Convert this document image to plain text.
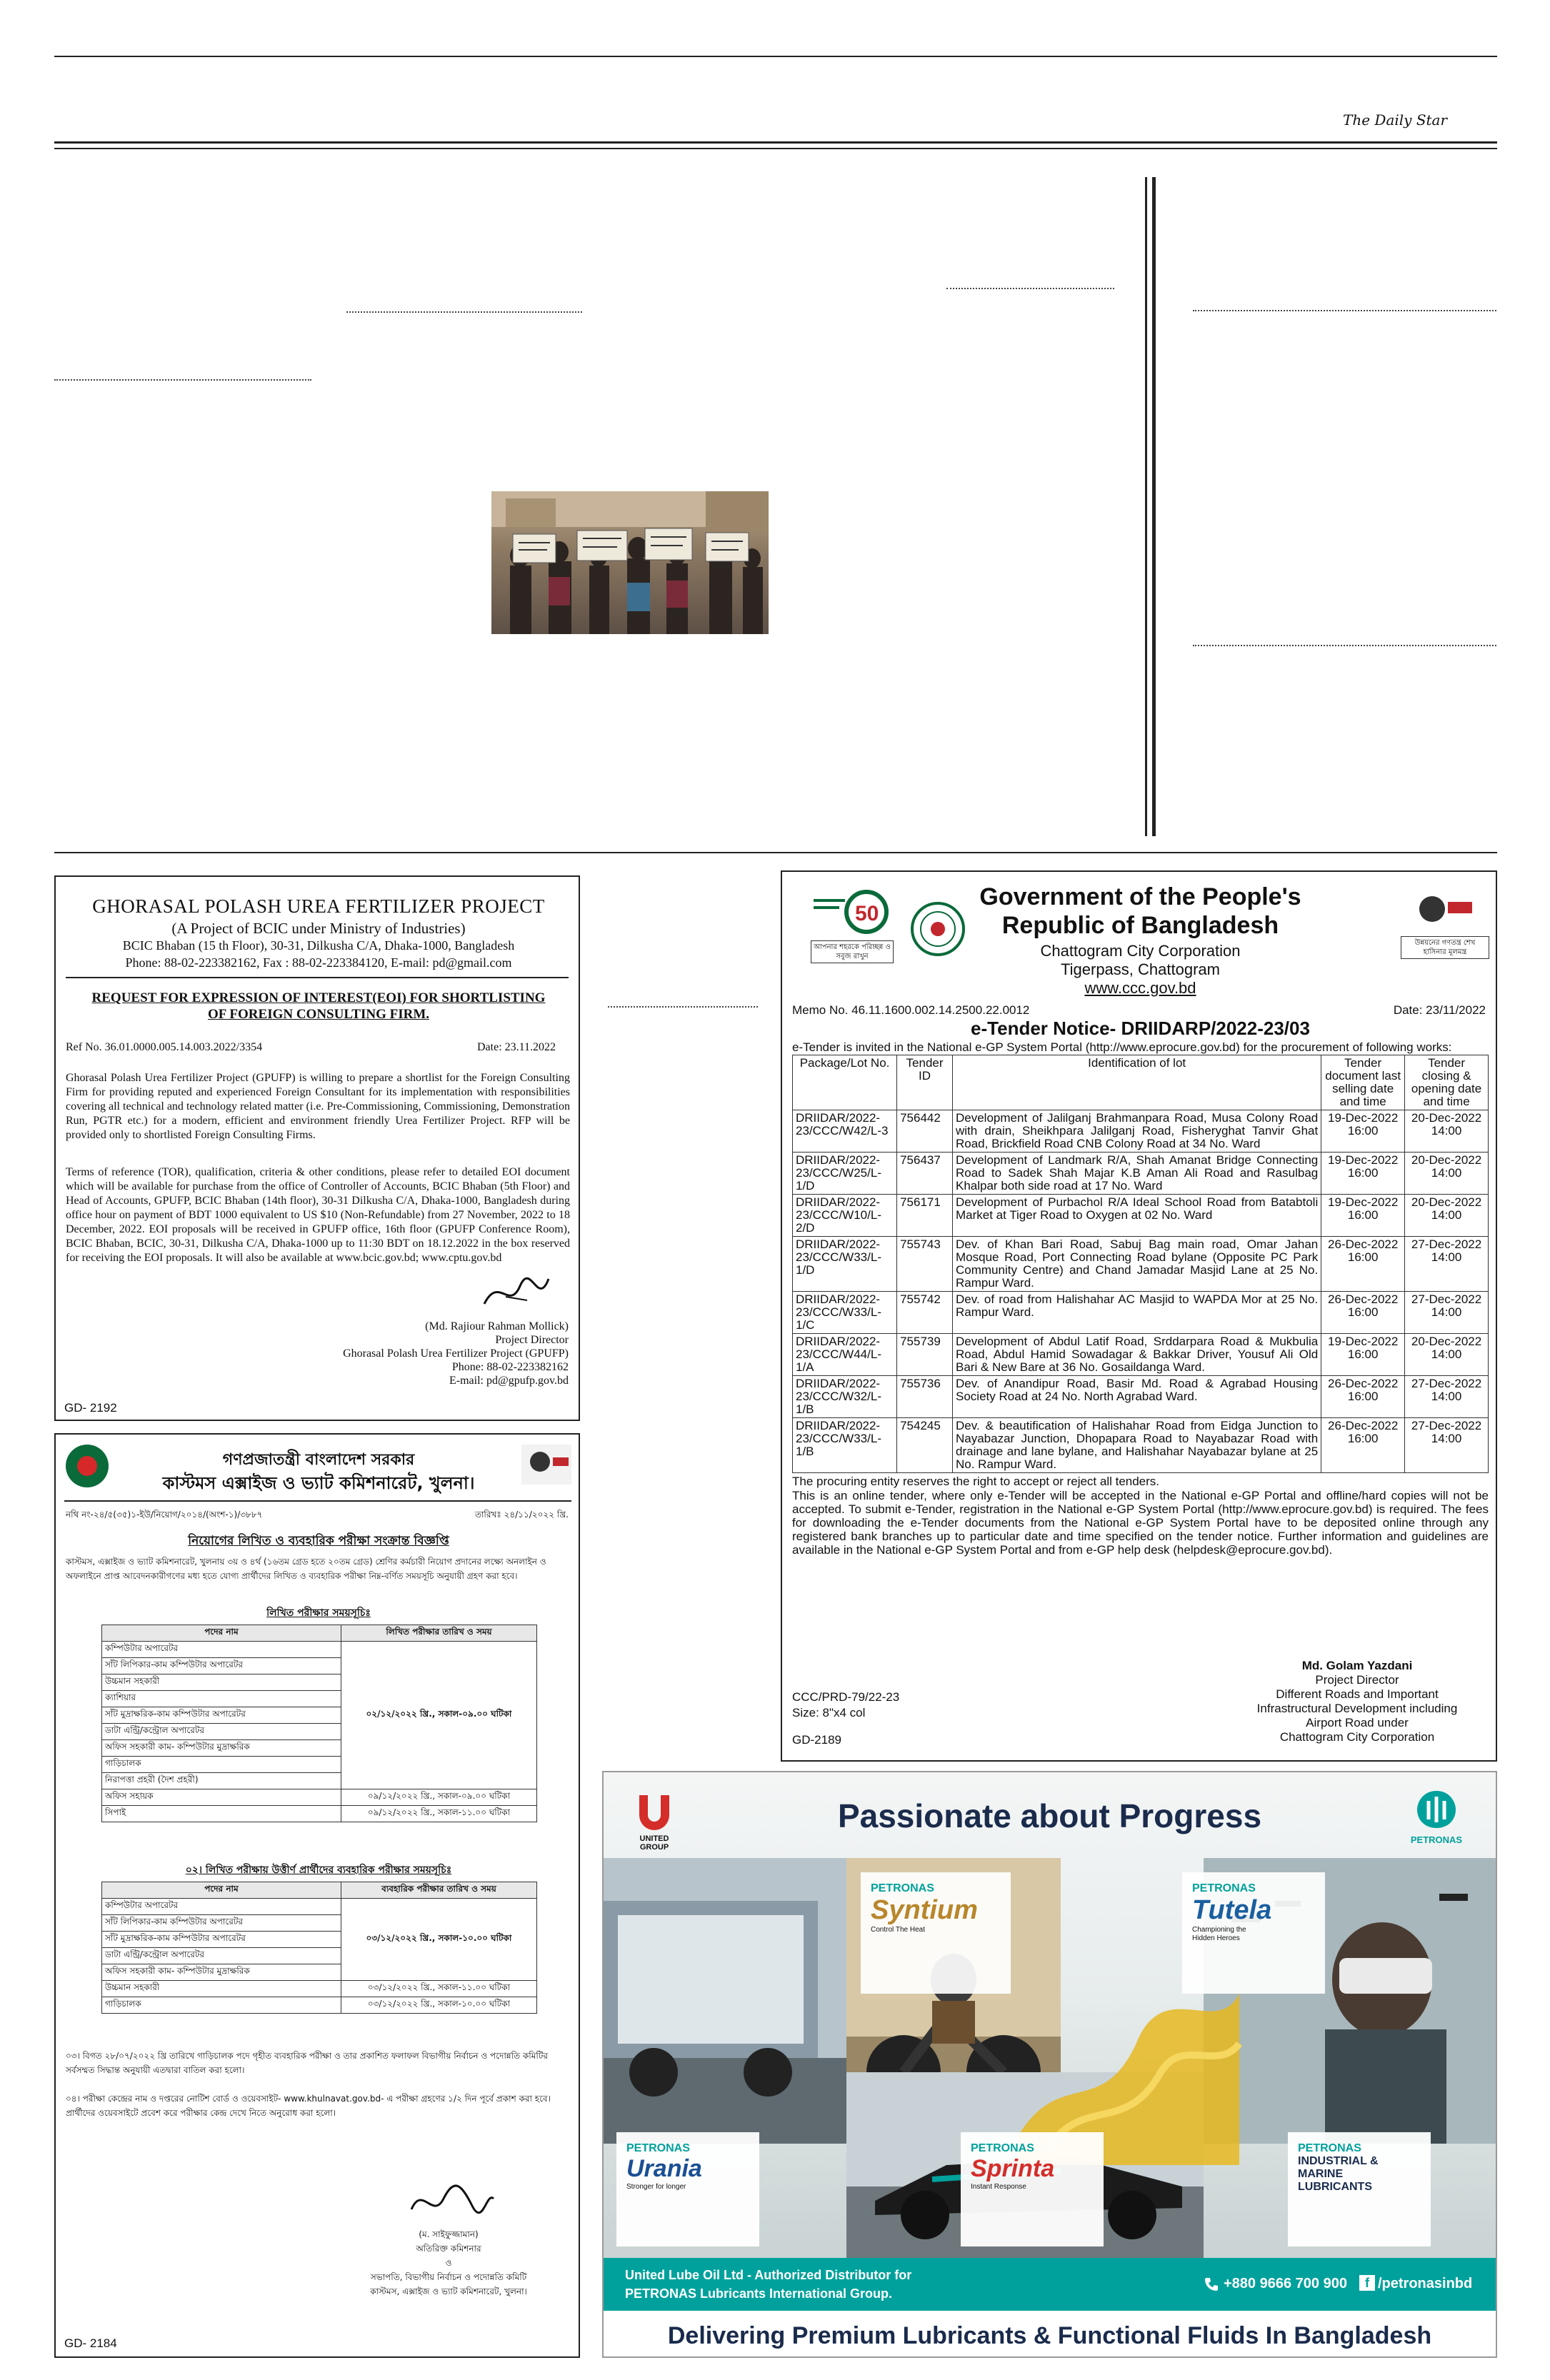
The Daily Star
GHORASAL POLASH UREA FERTILIZER PROJECT
(A Project of BCIC under Ministry of Industries)
BCIC Bhaban (15 th Floor), 30-31, Dilkusha C/A, Dhaka-1000, Bangladesh
Phone: 88-02-223382162, Fax : 88-02-223384120, E-mail: pd@gmail.com
REQUEST FOR EXPRESSION OF INTEREST(EOI) FOR SHORTLISTING OF FOREIGN CONSULTING FIRM.
Ref No. 36.01.0000.005.14.003.2022/3354	Date: 23.11.2022
Ghorasal Polash Urea Fertilizer Project (GPUFP) is willing to prepare a shortlist for the Foreign Consulting Firm for providing reputed and experienced Foreign Consultant for its implementation with responsibilities covering all technical and technology related matter (i.e. Pre-Commissioning, Commissioning, Demonstration Run, PGTR etc.) for a modern, efficient and environment friendly Urea Fertilizer Project. RFP will be provided only to shortlisted Foreign Consulting Firms.
Terms of reference (TOR), qualification, criteria & other conditions, please refer to detailed EOI document which will be available for purchase from the office of Controller of Accounts, BCIC Bhaban (5th Floor) and Head of Accounts, GPUFP, BCIC Bhaban (14th floor), 30-31 Dilkusha C/A, Dhaka-1000, Bangladesh during office hour on payment of BDT 1000 equivalent to US $10 (Non-Refundable) from 27 November, 2022 to 18 December, 2022. EOI proposals will be received in GPUFP office, 16th floor (GPUFP Conference Room), BCIC Bhaban, BCIC, 30-31, Dilkusha C/A, Dhaka-1000 up to 11:30 BDT on 18.12.2022 in the box reserved for receiving the EOI proposals. It will also be available at www.bcic.gov.bd; www.cptu.gov.bd
(Md. Rajiour Rahman Mollick)
Project Director
Ghorasal Polash Urea Fertilizer Project (GPUFP)
Phone: 88-02-223382162
E-mail: pd@gpufp.gov.bd
GD- 2192
গণপ্রজাতন্ত্রী বাংলাদেশ সরকার
কাস্টমস এক্সাইজ ও ভ্যাট কমিশনারেট, খুলনা।
নথি নং-২৪/৫(৩৫)১-ইউ/নিয়োগ/২০১৪/(অংশ-১)/৩৮৮৭	তারিখঃ ২৪/১১/২০২২ খ্রি.
নিয়োগের লিখিত ও ব্যবহারিক পরীক্ষা সংক্রান্ত বিজ্ঞপ্তি
কাস্টমস, এক্সাইজ ও ভ্যাট কমিশনারেট, খুলনায় ৩য় ও ৪র্থ (১৬তম গ্রেড হতে ২০তম গ্রেড) শ্রেণির কর্মচারী নিয়োগ প্রদানের লক্ষ্যে অনলাইন ও অফলাইনে প্রাপ্ত আবেদনকারীগণের মধ্য হতে যোগ্য প্রার্থীদের লিখিত ও ব্যবহারিক পরীক্ষা নিম্ন-বর্ণিত সময়সূচি অনুযায়ী গ্রহণ করা হবে।
লিখিত পরীক্ষার সময়সূচিঃ
পদের নাম	লিখিত পরীক্ষার তারিখ ও সময়
কম্পিউটার অপারেটর	০২/১২/২০২২ খ্রি., সকাল-০৯.০০ ঘটিকা
সাঁট লিপিকার-কাম কম্পিউটার অপারেটর	
উচ্চমান সহকারী	
ক্যাশিয়ার	
সাঁট মুদ্রাক্ষরিক-কাম কম্পিউটার অপারেটর	
ডাটা এন্ট্রি/কন্ট্রোল অপারেটর	
অফিস সহকারী কাম- কম্পিউটার মুদ্রাক্ষরিক	
গাড়িচালক	
নিরাপত্তা প্রহরী (দৈশ প্রহরী)	
অফিস সহায়ক	০৯/১২/২০২২ খ্রি., সকাল-০৯.০০ ঘটিকা
সিপাই	০৯/১২/২০২২ খ্রি., সকাল-১১.০০ ঘটিকা
০২। লিখিত পরীক্ষায় উত্তীর্ণ প্রার্থীদের ব্যবহারিক পরীক্ষার সময়সূচিঃ
পদের নাম	ব্যবহারিক পরীক্ষার তারিখ ও সময়
কম্পিউটার অপারেটর	০৩/১২/২০২২ খ্রি., সকাল-১০.০০ ঘটিকা
সাঁট লিপিকার-কাম কম্পিউটার অপারেটর	
সাঁট মুদ্রাক্ষরিক-কাম কম্পিউটার অপারেটর	
ডাটা এন্ট্রি/কন্ট্রোল অপারেটর	
অফিস সহকারী কাম- কম্পিউটার মুদ্রাক্ষরিক	
উচ্চমান সহকারী	০৩/১২/২০২২ খ্রি., সকাল-১১.০০ ঘটিকা
গাড়িচালক	০৩/১২/২০২২ খ্রি., সকাল-১০.০০ ঘটিকা
০৩। বিগত ২৮/০৭/২০২২ খ্রি তারিখে গাড়িচালক পদে গৃহীত ব্যবহারিক পরীক্ষা ও তার প্রকাশিত ফলাফল বিভাগীয় নির্বাচন ও পদোন্নতি কমিটির সর্বসম্মত সিদ্ধান্ত অনুযায়ী এতদ্বারা বাতিল করা হলো।
০৪। পরীক্ষা কেন্দ্রের নাম ও দপ্তরের নোটিশ বোর্ড ও ওয়েবসাইট- www.khulnavat.gov.bd- এ পরীক্ষা গ্রহণের ১/২ দিন পূর্বে প্রকাশ করা হবে। প্রার্থীদের ওয়েবসাইটে প্রবেশ করে পরীক্ষার কেন্দ্র দেখে নিতে অনুরোধ করা হলো।
(ম. সাইফুজ্জামান)
অতিরিক্ত কমিশনার
ও
সভাপতি, বিভাগীয় নির্বাচন ও পদোন্নতি কমিটি
কাস্টমস, এক্সাইজ ও ভ্যাট কমিশনারেট, খুলনা।
GD- 2184
50
আপনার শহরকে পরিচ্ছন্ন ও সবুজ রাখুন
Government of the People's
Republic of Bangladesh
Chattogram City Corporation
Tigerpass, Chattogram
www.ccc.gov.bd
উন্নয়নের গণতন্ত্র শেখ হাসিনার মূলমন্ত্র
Memo No. 46.11.1600.002.14.2500.22.0012	Date: 23/11/2022
e-Tender Notice- DRIIDARP/2022-23/03
e-Tender is invited in the National e-GP System Portal (http://www.eprocure.gov.bd) for the procurement of following works:
Package/Lot No.	Tender ID	Identification of lot	Tender document last selling date and time	Tender closing & opening date and time
DRIIDAR/2022-23/CCC/W42/L-3	756442	Development of Jalilganj Brahmanpara Road, Musa Colony Road with drain, Sheikhpara Jalilganj Road, Fisheryghat Tanvir Ghat Road, Brickfield Road CNB Colony Road at 34 No. Ward	19-Dec-2022 16:00	20-Dec-2022 14:00
DRIIDAR/2022-23/CCC/W25/L-1/D	756437	Development of Landmark R/A, Shah Amanat Bridge Connecting Road to Sadek Shah Majar K.B Aman Ali Road and Rasulbag Khalpar both side road at 17 No. Ward	19-Dec-2022 16:00	20-Dec-2022 14:00
DRIIDAR/2022-23/CCC/W10/L-2/D	756171	Development of Purbachol R/A Ideal School Road from Batabtoli Market at Tiger Road to Oxygen at 02 No. Ward	19-Dec-2022 16:00	20-Dec-2022 14:00
DRIIDAR/2022-23/CCC/W33/L-1/D	755743	Dev. of Khan Bari Road, Sabuj Bag main road, Omar Jahan Mosque Road, Port Connecting Road bylane (Opposite PC Park Community Centre) and Chand Jamadar Masjid Lane at 25 No. Rampur Ward.	26-Dec-2022 16:00	27-Dec-2022 14:00
DRIIDAR/2022-23/CCC/W33/L-1/C	755742	Dev. of road from Halishahar AC Masjid to WAPDA Mor at 25 No. Rampur Ward.	26-Dec-2022 16:00	27-Dec-2022 14:00
DRIIDAR/2022-23/CCC/W44/L-1/A	755739	Development of Abdul Latif Road, Srddarpara Road & Mukbulia Road, Abdul Hamid Sowadagar & Bakkar Driver, Yousuf Ali Old Bari & New Bare at 36 No. Gosaildanga Ward.	19-Dec-2022 16:00	20-Dec-2022 14:00
DRIIDAR/2022-23/CCC/W32/L-1/B	755736	Dev. of Anandipur Road, Basir Md. Road & Agrabad Housing Society Road at 24 No. North Agrabad Ward.	26-Dec-2022 16:00	27-Dec-2022 14:00
DRIIDAR/2022-23/CCC/W33/L-1/B	754245	Dev. & beautification of Halishahar Road from Eidga Junction to Nayabazar Junction, Dhopapara Road to Nayabazar Road with drainage and lane bylane, and Halishahar Nayabazar bylane at 25 No. Rampur Ward.	26-Dec-2022 16:00	27-Dec-2022 14:00
The procuring entity reserves the right to accept or reject all tenders.
This is an online tender, where only e-Tender will be accepted in the National e-GP Portal and offline/hard copies will not be accepted. To submit e-Tender, registration in the National e-GP System Portal (http://www.eprocure.gov.bd) is required. The fees for downloading the e-Tender documents from the National e-GP System Portal have to be deposited online through any registered bank branches up to particular date and time specified on the tender notice. Further information and guidelines are available in the National e-GP System Portal and from e-GP help desk (helpdesk@eprocure.gov.bd).
CCC/PRD-79/22-23
Size: 8"x4 col
GD-2189
Md. Golam Yazdani
Project Director
Different Roads and Important
Infrastructural Development including
Airport Road under
Chattogram City Corporation
UNITED GROUP
PETRONAS
Passionate about Progress
PETRONAS
Syntium
Control The Heat
PETRONAS
Tutela
Championing the Hidden Heroes
PETRONAS
Urania
Stronger for longer
PETRONAS
Sprinta
Instant Response
PETRONAS
INDUSTRIAL & MARINE LUBRICANTS
United Lube Oil Ltd - Authorized Distributor for
PETRONAS Lubricants International Group.
+880 9666 700 900	f /petronasinbd
Delivering Premium Lubricants & Functional Fluids In Bangladesh
